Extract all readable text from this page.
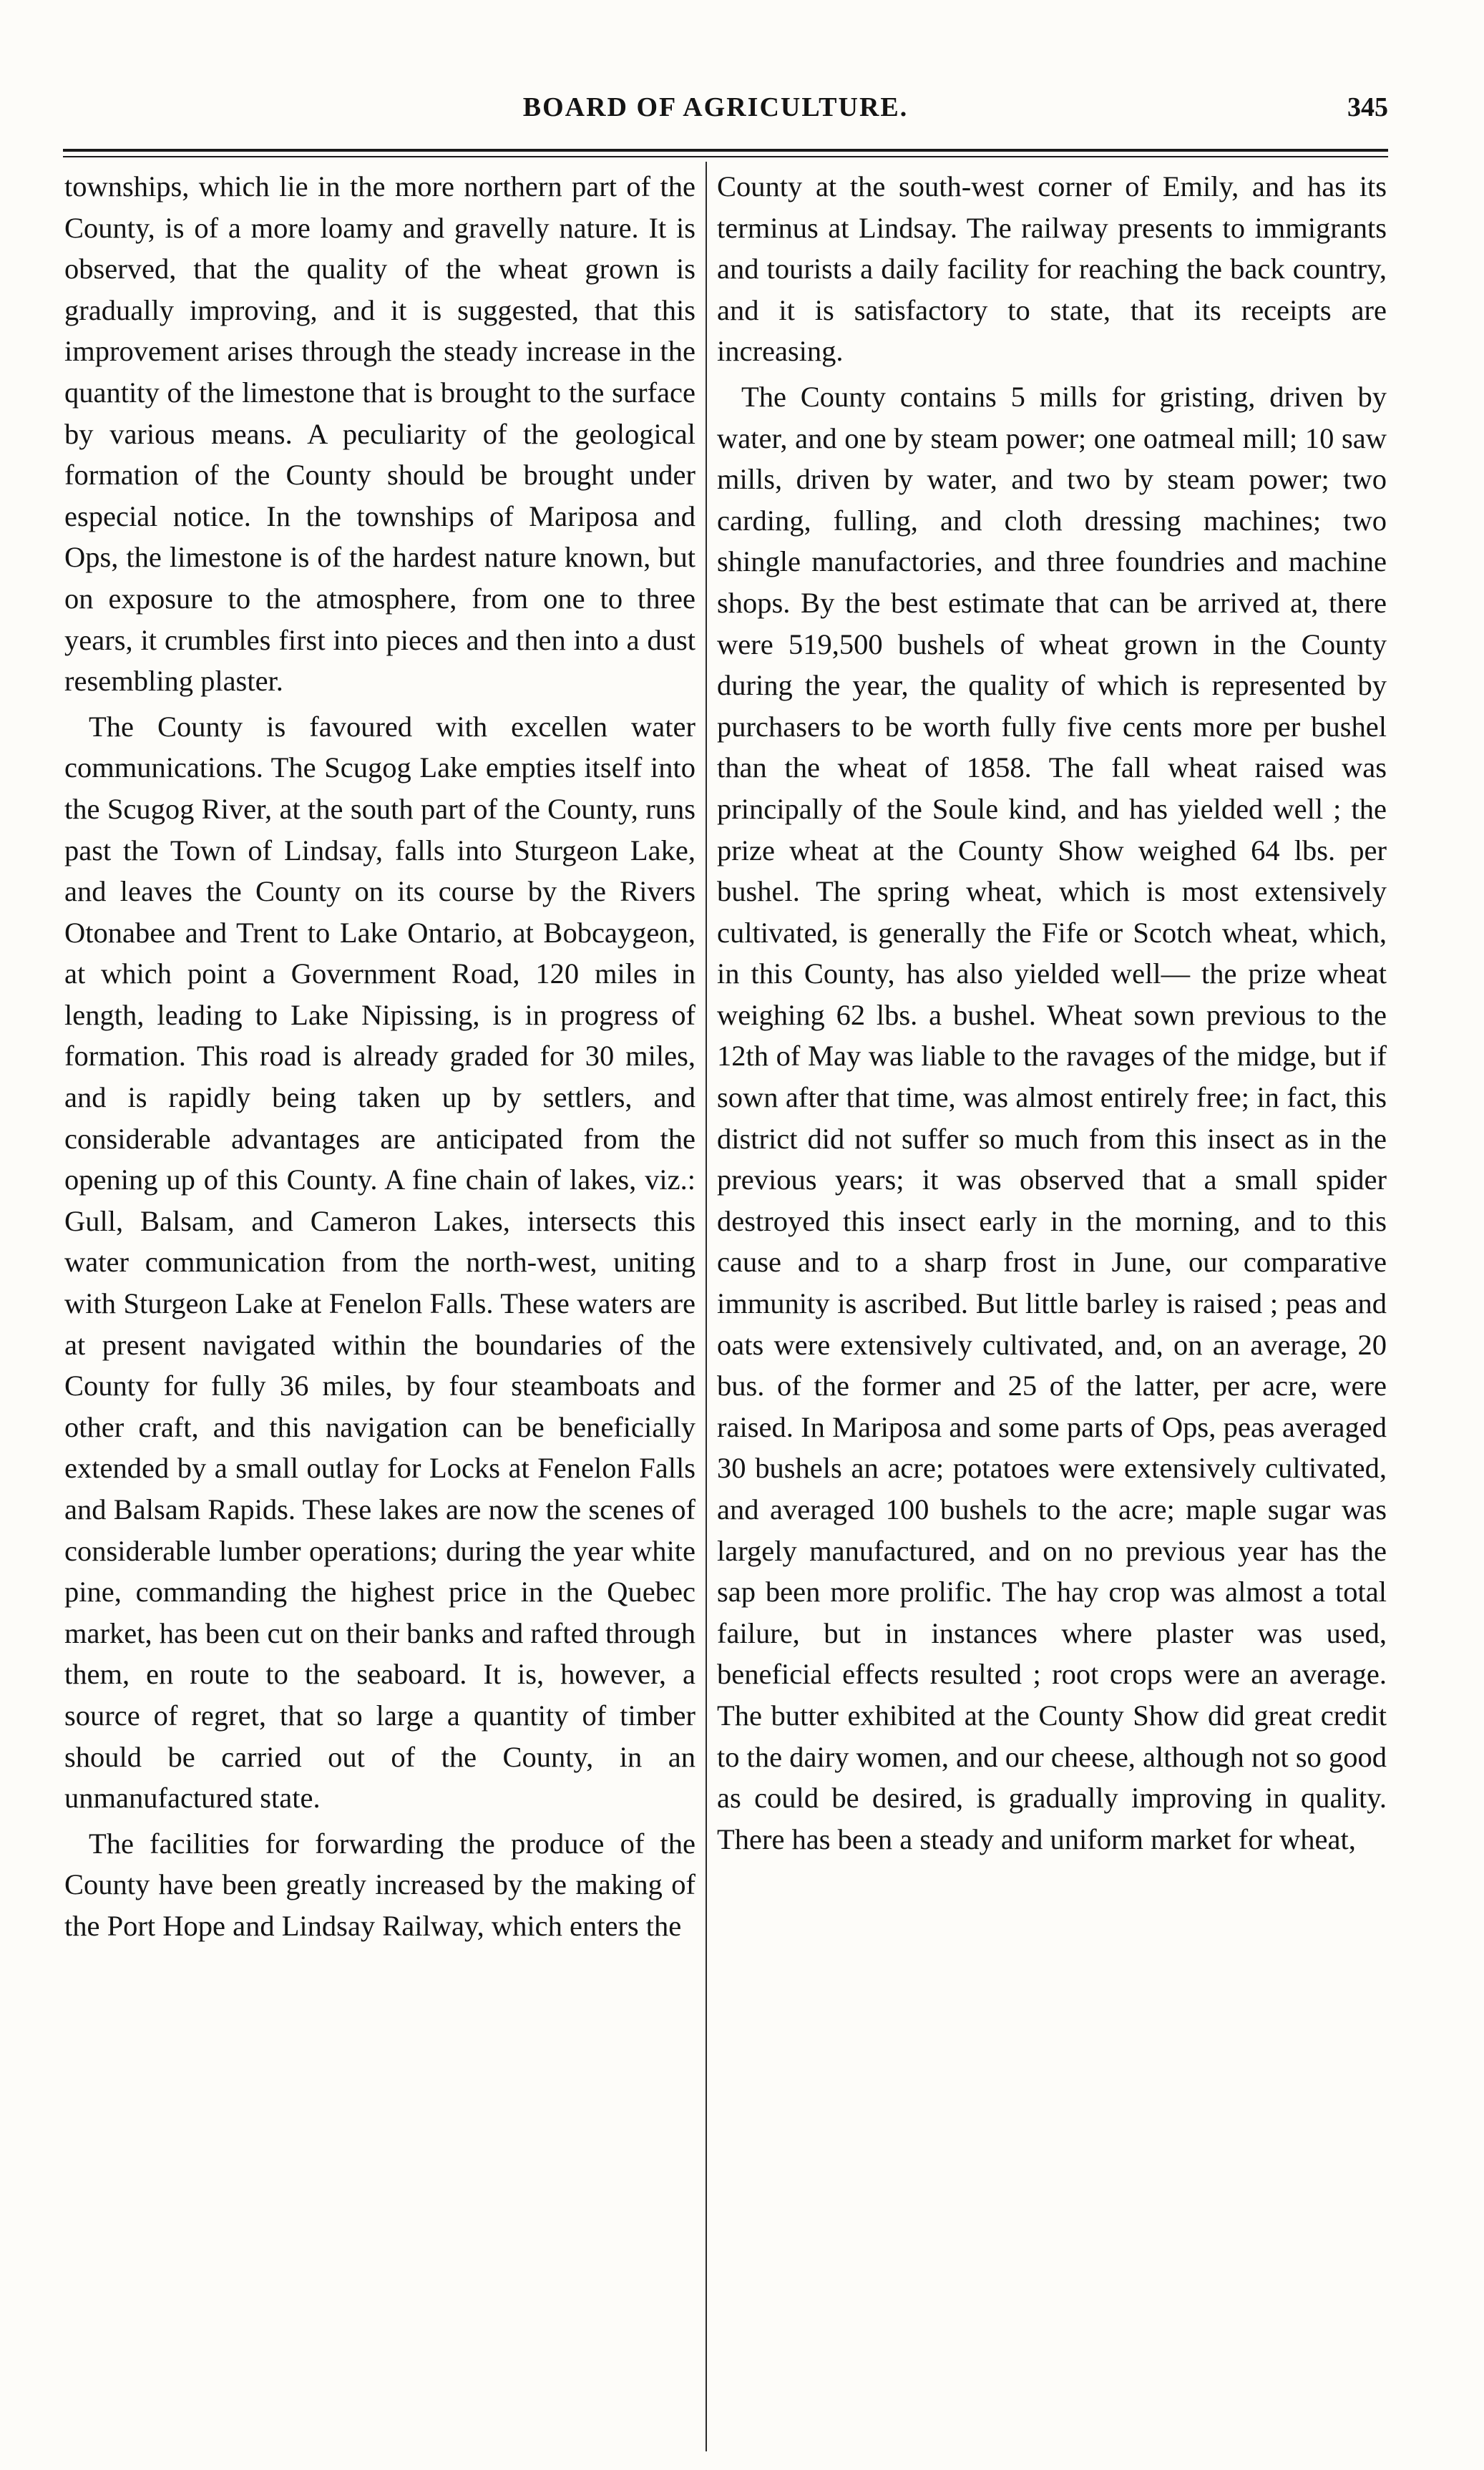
BOARD OF AGRICULTURE.	345

townships, which lie in the more northern part of the County, is of a more loamy and gravelly nature. It is observed, that the quality of the wheat grown is gradually improving, and it is suggested, that this improvement arises through the steady increase in the quantity of the limestone that is brought to the surface by various means. A peculiarity of the geological formation of the County should be brought under especial notice. In the townships of Mariposa and Ops, the limestone is of the hardest nature known, but on exposure to the atmosphere, from one to three years, it crumbles first into pieces and then into a dust resembling plaster.

The County is favoured with excellen water communications. The Scugog Lake empties itself into the Scugog River, at the south part of the County, runs past the Town of Lindsay, falls into Sturgeon Lake, and leaves the County on its course by the Rivers Otonabee and Trent to Lake Ontario, at Bobcaygeon, at which point a Government Road, 120 miles in length, leading to Lake Nipissing, is in progress of formation. This road is already graded for 30 miles, and is rapidly being taken up by settlers, and considerable advantages are anticipated from the opening up of this County. A fine chain of lakes, viz.: Gull, Balsam, and Cameron Lakes, intersects this water communication from the north-west, uniting with Sturgeon Lake at Fenelon Falls. These waters are at present navigated within the boundaries of the County for fully 36 miles, by four steamboats and other craft, and this navigation can be beneficially extended by a small outlay for Locks at Fenelon Falls and Balsam Rapids. These lakes are now the scenes of considerable lumber operations; during the year white pine, commanding the highest price in the Quebec market, has been cut on their banks and rafted through them, en route to the seaboard. It is, however, a source of regret, that so large a quantity of timber should be carried out of the County, in an unmanufactured state.

The facilities for forwarding the produce of the County have been greatly increased by the making of the Port Hope and Lindsay Railway, which enters the

County at the south-west corner of Emily, and has its terminus at Lindsay. The railway presents to immigrants and tourists a daily facility for reaching the back country, and it is satisfactory to state, that its receipts are increasing.

The County contains 5 mills for gristing, driven by water, and one by steam power; one oatmeal mill; 10 saw mills, driven by water, and two by steam power; two carding, fulling, and cloth dressing machines; two shingle manufactories, and three foundries and machine shops. By the best estimate that can be arrived at, there were 519,500 bushels of wheat grown in the County during the year, the quality of which is represented by purchasers to be worth fully five cents more per bushel than the wheat of 1858. The fall wheat raised was principally of the Soule kind, and has yielded well ; the prize wheat at the County Show weighed 64 lbs. per bushel. The spring wheat, which is most extensively cultivated, is generally the Fife or Scotch wheat, which, in this County, has also yielded well— the prize wheat weighing 62 lbs. a bushel. Wheat sown previous to the 12th of May was liable to the ravages of the midge, but if sown after that time, was almost entirely free; in fact, this district did not suffer so much from this insect as in the previous years; it was observed that a small spider destroyed this insect early in the morning, and to this cause and to a sharp frost in June, our comparative immunity is ascribed. But little barley is raised ; peas and oats were extensively cultivated, and, on an average, 20 bus. of the former and 25 of the latter, per acre, were raised. In Mariposa and some parts of Ops, peas averaged 30 bushels an acre; potatoes were extensively cultivated, and averaged 100 bushels to the acre; maple sugar was largely manufactured, and on no previous year has the sap been more prolific. The hay crop was almost a total failure, but in instances where plaster was used, beneficial effects resulted ; root crops were an average. The butter exhibited at the County Show did great credit to the dairy women, and our cheese, although not so good as could be desired, is gradually improving in quality. There has been a steady and uniform market for wheat,
